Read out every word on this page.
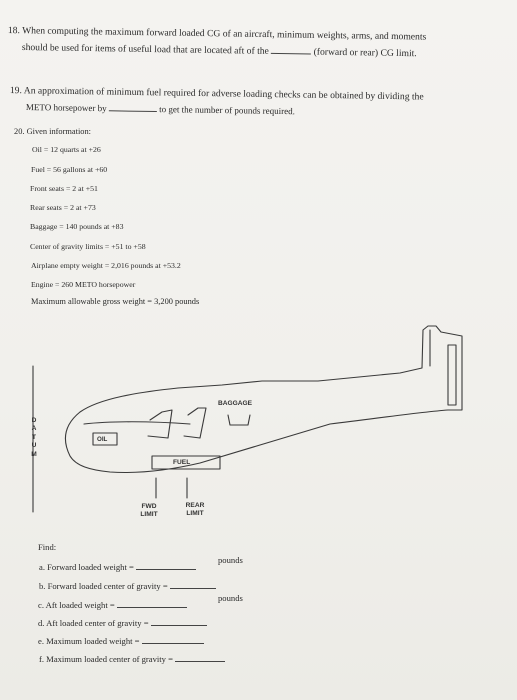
18. When computing the maximum forward loaded CG of an aircraft, minimum weights, arms, and moments
should be used for items of useful load that are located aft of the	(forward or rear) CG limit.
19. An approximation of minimum fuel required for adverse loading checks can be obtained by dividing the
METO horsepower by	to get the number of pounds required.
20. Given information:
Oil = 12 quarts at +26
Fuel = 56 gallons at +60
Front seats = 2 at +51
Rear seats = 2 at +73
Baggage = 140 pounds at +83
Center of gravity limits = +51 to +58
Airplane empty weight = 2,016 pounds at +53.2
Engine = 260 METO horsepower
Maximum allowable gross weight = 3,200 pounds
D
A
T
U
M
OIL
FUEL
BAGGAGE
FWD
LIMIT
REAR
LIMIT
Find:
a. Forward loaded weight =
pounds
b. Forward loaded center of gravity =
c. Aft loaded weight =
pounds
d. Aft loaded center of gravity =
e. Maximum loaded weight =
f. Maximum loaded center of gravity =
